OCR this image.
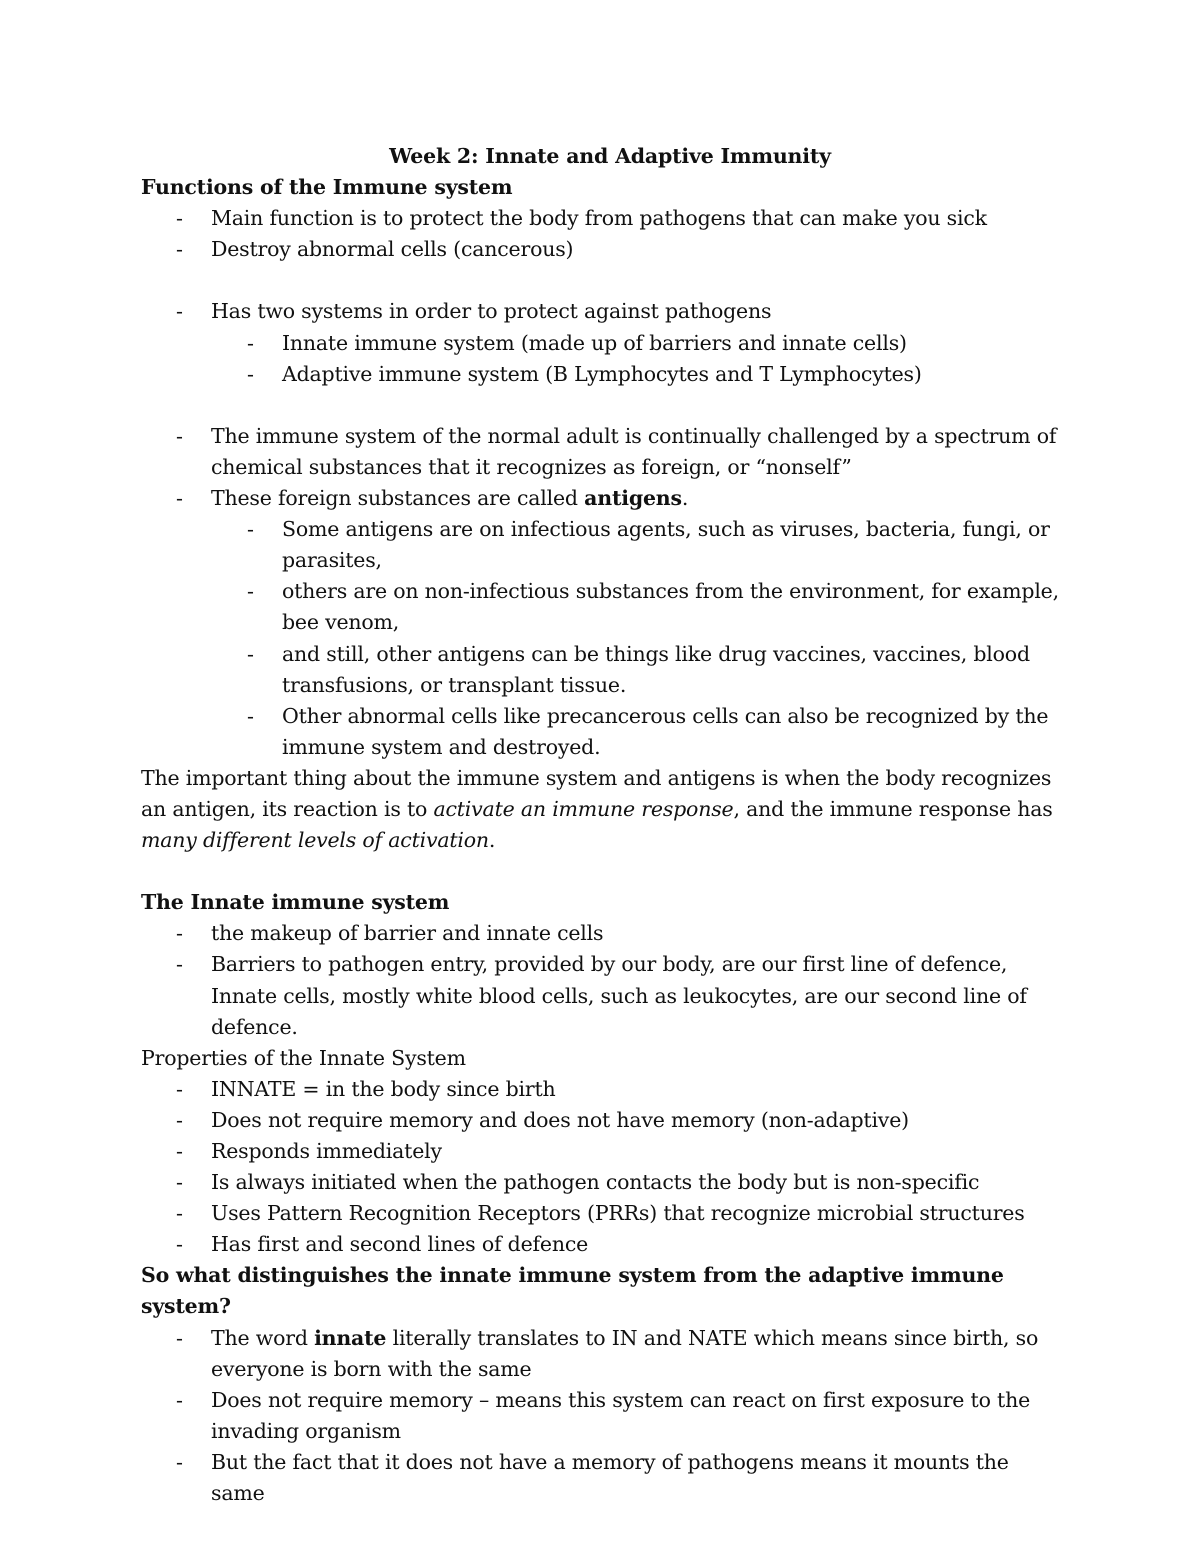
Week 2: Innate and Adaptive Immunity

Functions of the Immune system

- Main function is to protect the body from pathogens that can make you sick
- Destroy abnormal cells (cancerous)
- Has two systems in order to protect against pathogens
- Innate immune system (made up of barriers and innate cells)
- Adaptive immune system (B Lymphocytes and T Lymphocytes)
- The immune system of the normal adult is continually challenged by a spectrum of chemical substances that it recognizes as foreign, or “nonself”
- These foreign substances are called antigens.
- Some antigens are on infectious agents, such as viruses, bacteria, fungi, or parasites,
- others are on non-infectious substances from the environment, for example, bee venom,
- and still, other antigens can be things like drug vaccines, vaccines, blood transfusions, or transplant tissue.
- Other abnormal cells like precancerous cells can also be recognized by the immune system and destroyed.

The important thing about the immune system and antigens is when the body recognizes an antigen, its reaction is to activate an immune response, and the immune response has many different levels of activation.

The Innate immune system

- the makeup of barrier and innate cells
- Barriers to pathogen entry, provided by our body, are our first line of defence, Innate cells, mostly white blood cells, such as leukocytes, are our second line of defence.

Properties of the Innate System

- INNATE = in the body since birth
- Does not require memory and does not have memory (non-adaptive)
- Responds immediately
- Is always initiated when the pathogen contacts the body but is non-specific
- Uses Pattern Recognition Receptors (PRRs) that recognize microbial structures
- Has first and second lines of defence

So what distinguishes the innate immune system from the adaptive immune system?

- The word innate literally translates to IN and NATE which means since birth, so everyone is born with the same
- Does not require memory – means this system can react on first exposure to the invading organism
- But the fact that it does not have a memory of pathogens means it mounts the same
